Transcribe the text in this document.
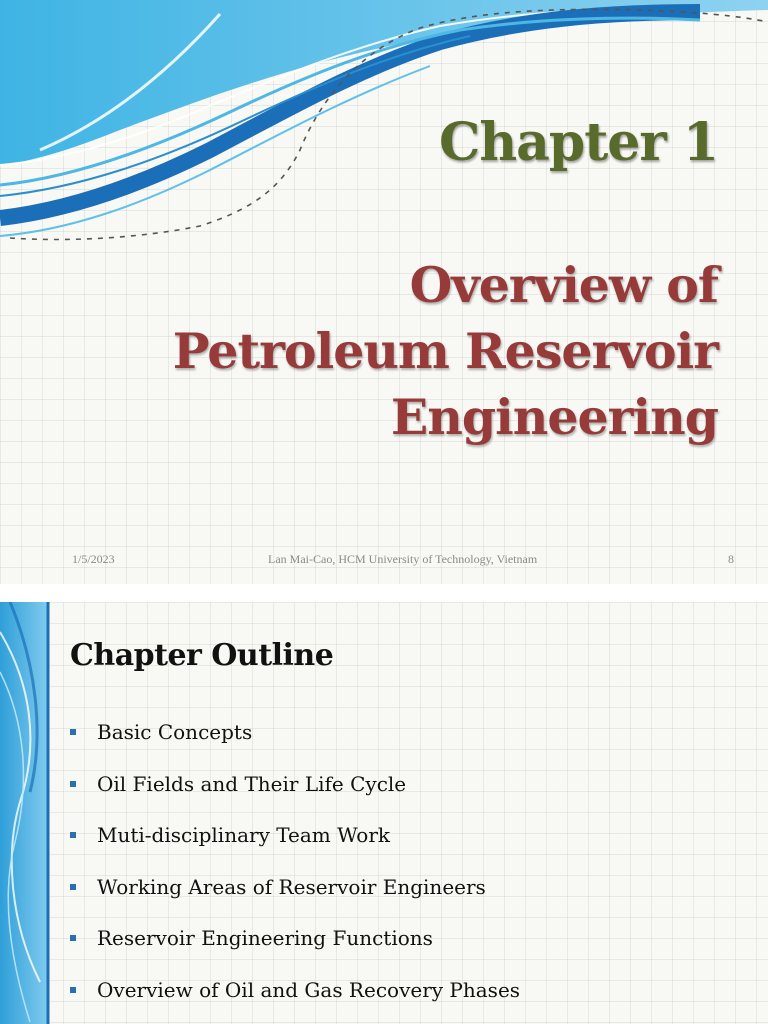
Chapter 1
Overview of
Petroleum Reservoir
Engineering
1/5/2023	Lan Mai-Cao, HCM University of Technology, Vietnam	8
Chapter Outline
Basic Concepts
Oil Fields and Their Life Cycle
Muti-disciplinary Team Work
Working Areas of Reservoir Engineers
Reservoir Engineering Functions
Overview of Oil and Gas Recovery Phases
